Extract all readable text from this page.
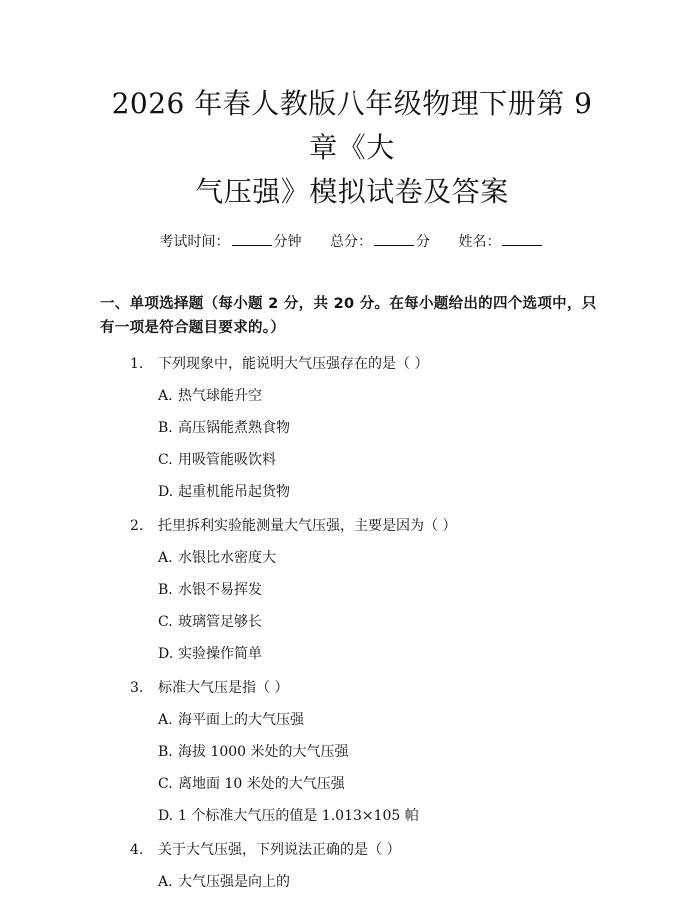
2026 年春人教版八年级物理下册第 9 章《大
气压强》模拟试卷及答案
考试时间：	分钟 总分：	分 姓名：
一、单项选择题（每小题 2 分，共 20 分。在每小题给出的四个选项中，只有一项是符合题目要求的。）
1. 下列现象中，能说明大气压强存在的是（ ）
A. 热气球能升空
B. 高压锅能煮熟食物
C. 用吸管能吸饮料
D. 起重机能吊起货物
2. 托里拆利实验能测量大气压强，主要是因为（ ）
A. 水银比水密度大
B. 水银不易挥发
C. 玻璃管足够长
D. 实验操作简单
3. 标准大气压是指（ ）
A. 海平面上的大气压强
B. 海拔 1000 米处的大气压强
C. 离地面 10 米处的大气压强
D. 1 个标准大气压的值是 1.013×105 帕
4. 关于大气压强，下列说法正确的是（ ）
A. 大气压强是向上的
